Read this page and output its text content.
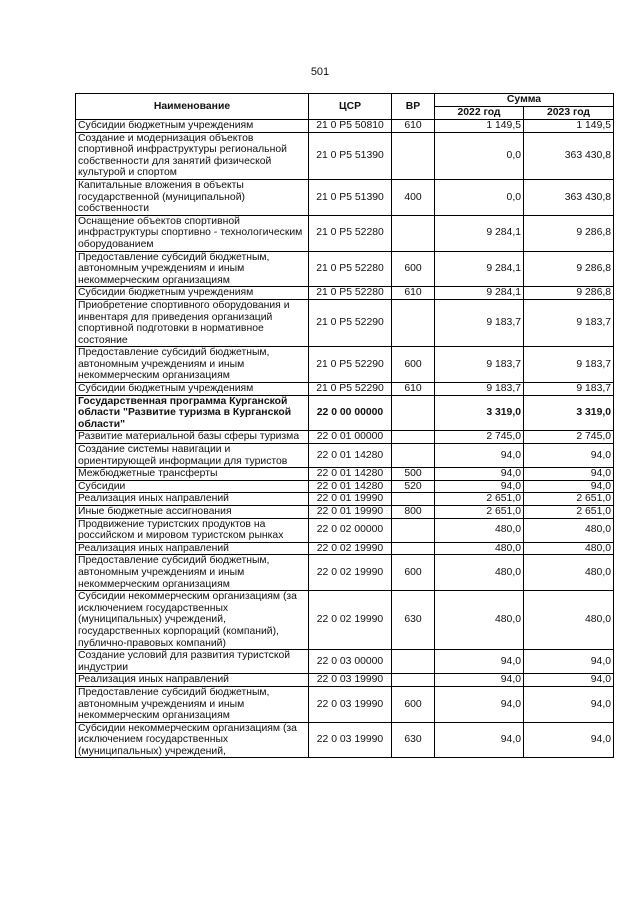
501
Наименование	ЦСР	ВР	Сумма	
			2022 год	2023 год
Субсидии бюджетным учреждениям	21 0 Р5 50810	610	1 149,5	1 149,5
Создание и модернизация объектов спортивной инфраструктуры региональной собственности для занятий физической культурой и спортом	21 0 Р5 51390		0,0	363 430,8
Капитальные вложения в объекты государственной (муниципальной) собственности	21 0 Р5 51390	400	0,0	363 430,8
Оснащение объектов спортивной инфраструктуры спортивно - технологическим оборудованием	21 0 Р5 52280		9 284,1	9 286,8
Предоставление субсидий бюджетным, автономным учреждениям и иным некоммерческим организациям	21 0 Р5 52280	600	9 284,1	9 286,8
Субсидии бюджетным учреждениям	21 0 Р5 52280	610	9 284,1	9 286,8
Приобретение спортивного оборудования и инвентаря для приведения организаций спортивной подготовки в нормативное состояние	21 0 Р5 52290		9 183,7	9 183,7
Предоставление субсидий бюджетным, автономным учреждениям и иным некоммерческим организациям	21 0 Р5 52290	600	9 183,7	9 183,7
Субсидии бюджетным учреждениям	21 0 Р5 52290	610	9 183,7	9 183,7
Государственная программа Курганской области "Развитие туризма в Курганской области"	22 0 00 00000		3 319,0	3 319,0
Развитие материальной базы сферы туризма	22 0 01 00000		2 745,0	2 745,0
Создание системы навигации и ориентирующей информации для туристов	22 0 01 14280		94,0	94,0
Межбюджетные трансферты	22 0 01 14280	500	94,0	94,0
Субсидии	22 0 01 14280	520	94,0	94,0
Реализация иных направлений	22 0 01 19990		2 651,0	2 651,0
Иные бюджетные ассигнования	22 0 01 19990	800	2 651,0	2 651,0
Продвижение туристских продуктов на российском и мировом туристском рынках	22 0 02 00000		480,0	480,0
Реализация иных направлений	22 0 02 19990		480,0	480,0
Предоставление субсидий бюджетным, автономным учреждениям и иным некоммерческим организациям	22 0 02 19990	600	480,0	480,0
Субсидии некоммерческим организациям (за исключением государственных (муниципальных) учреждений, государственных корпораций (компаний), публично-правовых компаний)	22 0 02 19990	630	480,0	480,0
Создание условий для развития туристской индустрии	22 0 03 00000		94,0	94,0
Реализация иных направлений	22 0 03 19990		94,0	94,0
Предоставление субсидий бюджетным, автономным учреждениям и иным некоммерческим организациям	22 0 03 19990	600	94,0	94,0
Субсидии некоммерческим организациям (за исключением государственных (муниципальных) учреждений,	22 0 03 19990	630	94,0	94,0
